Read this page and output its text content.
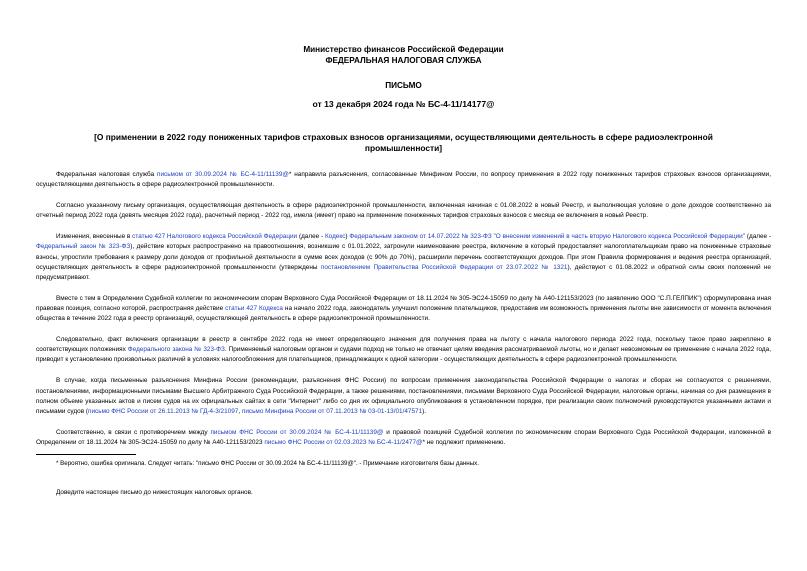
Министерство финансов Российской Федерации
ФЕДЕРАЛЬНАЯ НАЛОГОВАЯ СЛУЖБА
ПИСЬМО
от 13 декабря 2024 года № БС-4-11/14177@
[О применении в 2022 году пониженных тарифов страховых взносов организациями, осуществляющими деятельность в сфере радиоэлектронной промышленности]

Федеральная налоговая служба письмом от 30.09.2024 № БС-4-11/11139@* направила разъяснения, согласованные Минфином России, по вопросу применения в 2022 году пониженных тарифов страховых взносов организациями, осуществляющими деятельность в сфере радиоэлектронной промышленности.

Согласно указанному письму организация, осуществляющая деятельность в сфере радиоэлектронной промышленности, включенная начиная с 01.08.2022 в новый Реестр, и выполняющая условие о доле доходов соответственно за отчетный период 2022 года (девять месяцев 2022 года), расчетный период - 2022 год, имела (имеет) право на применение пониженных тарифов страховых взносов с месяца ее включения в новый Реестр.

Изменения, внесенные в статью 427 Налогового кодекса Российской Федерации (далее - Кодекс) Федеральным законом от 14.07.2022 № 323-ФЗ "О внесении изменений в часть вторую Налогового кодекса Российской Федерации" (далее - Федеральный закон № 323-ФЗ), действие которых распространено на правоотношения, возникшие с 01.01.2022, затронули наименование реестра, включение в который предоставляет налогоплательщикам право на пониженные страховые взносы, упростили требования к размеру доли доходов от профильной деятельности в сумме всех доходов (с 90% до 70%), расширили перечень соответствующих доходов. При этом Правила формирования и ведения реестра организаций, осуществляющих деятельность в сфере радиоэлектронной промышленности (утверждены постановлением Правительства Российской Федерации от 23.07.2022 № 1321), действуют с 01.08.2022 и обратной силы своих положений не предусматривают.

Вместе с тем в Определении Судебной коллегии по экономическим спорам Верховного Суда Российской Федерации от 18.11.2024 № 305-ЭС24-15059 по делу № А40-121153/2023 (по заявлению ООО "С.П.ГЕЛПИК") сформулирована иная правовая позиция, согласно которой, распространяя действие статьи 427 Кодекса на начало 2022 года, законодатель улучшил положение плательщиков, предоставив им возможность применения льготы вне зависимости от момента включения общества в течение 2022 года в реестр организаций, осуществляющей деятельность в сфере радиоэлектронной промышленности.

Следовательно, факт включения организации в реестр в сентябре 2022 года не имеет определяющего значения для получения права на льготу с начала налогового периода 2022 года, поскольку такое право закреплено в соответствующих положениях Федерального закона № 323-ФЗ. Применяемый налоговым органом и судами подход не только не отвечает целям введения рассматриваемой льготы, но и делает невозможным ее применение с начала 2022 года, приводит к установлению произвольных различий в условиях налогообложения для плательщиков, принадлежащих к одной категории - осуществляющих деятельность в сфере радиоэлектронной промышленности.

В случае, когда письменные разъяснения Минфина России (рекомендации, разъяснения ФНС России) по вопросам применения законодательства Российской Федерации о налогах и сборах не согласуются с решениями, постановлениями, информационными письмами Высшего Арбитражного Суда Российской Федерации, а также решениями, постановлениями, письмами Верховного Суда Российской Федерации, налоговые органы, начиная со дня размещения в полном объеме указанных актов и писем судов на их официальных сайтах в сети "Интернет" либо со дня их официального опубликования в установленном порядке, при реализации своих полномочий руководствуются указанными актами и письмами судов (письмо ФНС России от 26.11.2013 № ГД-4-3/21097, письмо Минфина России от 07.11.2013 № 03-01-13/01/47571).

Соответственно, в связи с противоречием между письмом ФНС России от 30.09.2024 № БС-4-11/11139@ и правовой позицией Судебной коллегии по экономическим спорам Верховного Суда Российской Федерации, изложенной в Определении от 18.11.2024 № 305-ЭС24-15059 по делу № А40-121153/2023 письмо ФНС России от 02.03.2023 № БС-4-11/2477@* не подлежит применению.

* Вероятно, ошибка оригинала. Следует читать: "письмо ФНС России от 30.09.2024 № БС-4-11/11139@". - Примечание изготовителя базы данных.

Доведите настоящее письмо до нижестоящих налоговых органов.
